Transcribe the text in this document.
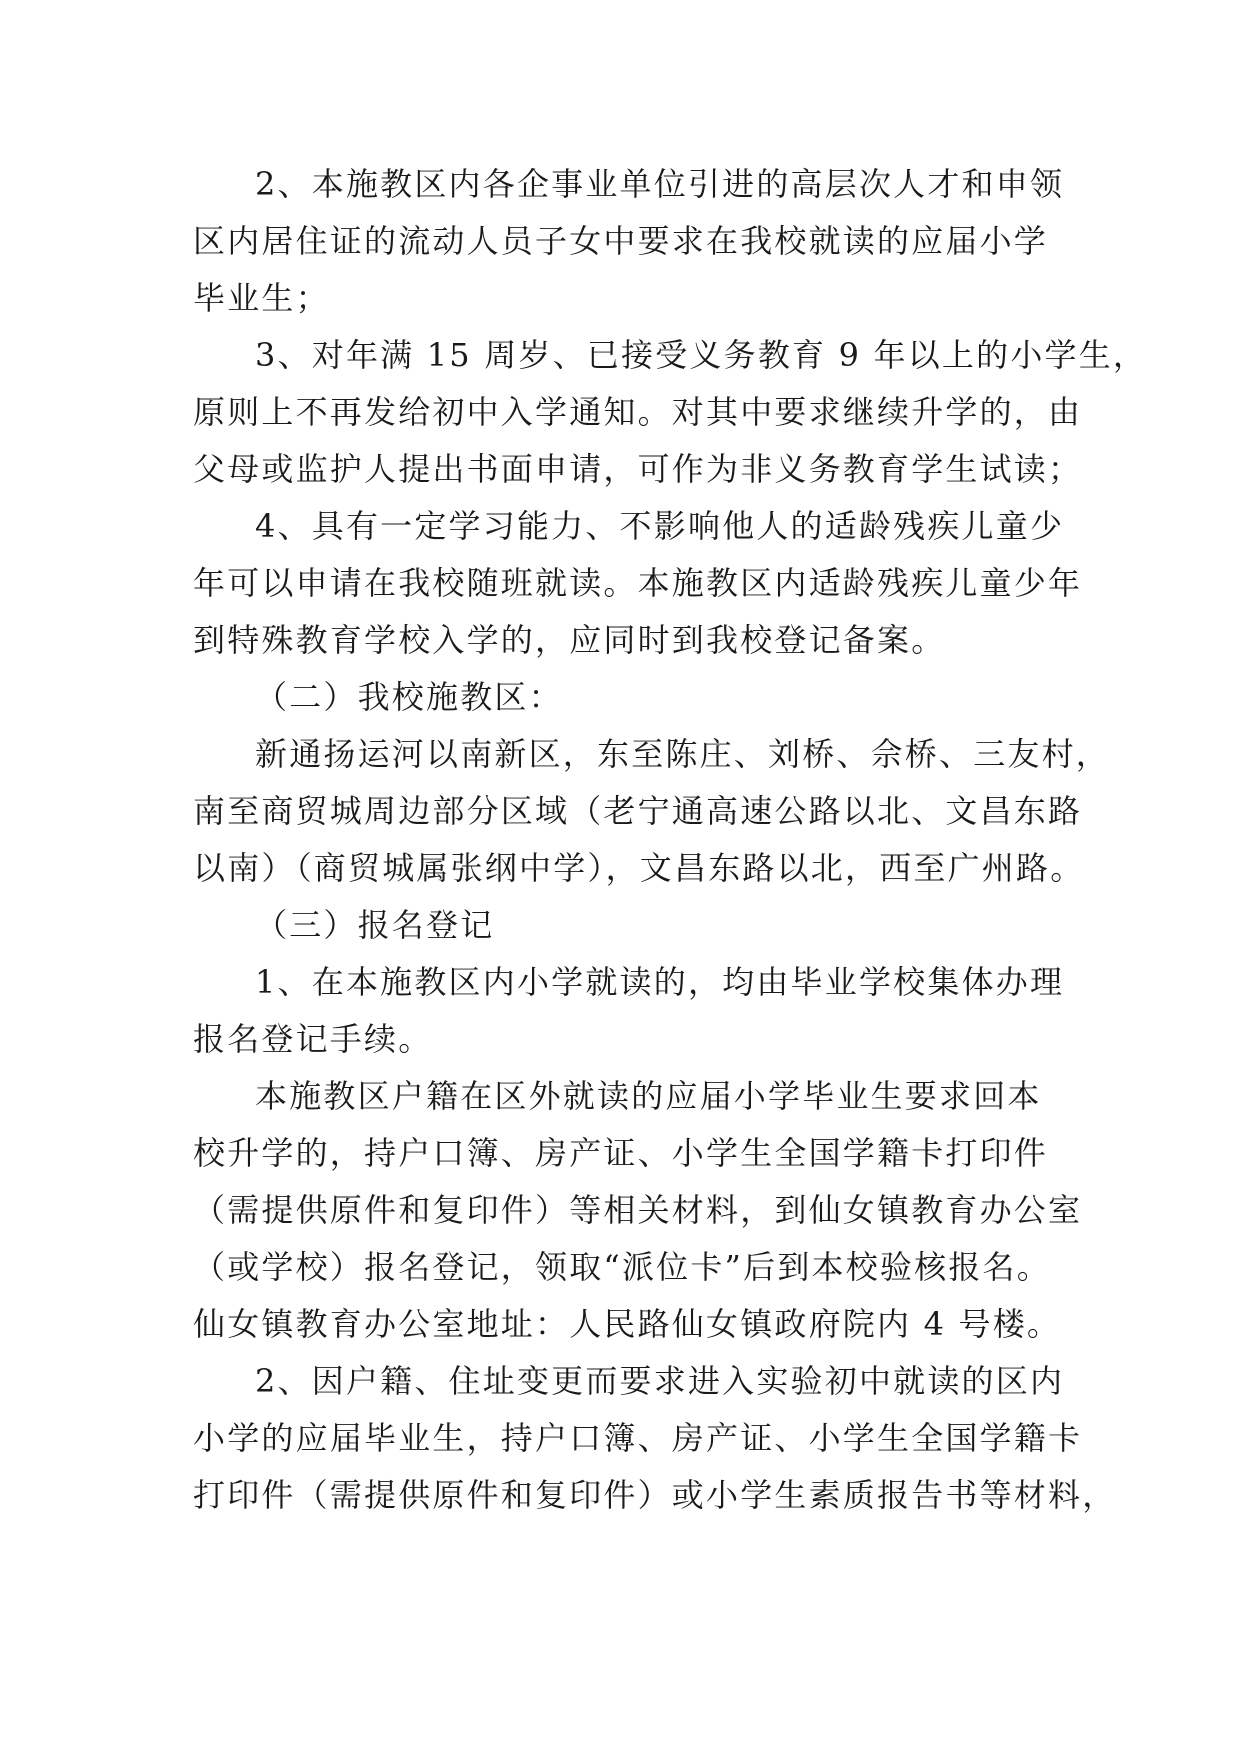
2、本施教区内各企事业单位引进的高层次人才和申领
区内居住证的流动人员子女中要求在我校就读的应届小学
毕业生；
3、对年满 15 周岁、已接受义务教育 9 年以上的小学生，
原则上不再发给初中入学通知。对其中要求继续升学的，由
父母或监护人提出书面申请，可作为非义务教育学生试读；
4、具有一定学习能力、不影响他人的适龄残疾儿童少
年可以申请在我校随班就读。本施教区内适龄残疾儿童少年
到特殊教育学校入学的，应同时到我校登记备案。
（二）我校施教区：
新通扬运河以南新区，东至陈庄、刘桥、佘桥、三友村，
南至商贸城周边部分区域（老宁通高速公路以北、文昌东路
以南）（商贸城属张纲中学），文昌东路以北，西至广州路。
（三）报名登记
1、在本施教区内小学就读的，均由毕业学校集体办理
报名登记手续。
本施教区户籍在区外就读的应届小学毕业生要求回本
校升学的，持户口簿、房产证、小学生全国学籍卡打印件
（需提供原件和复印件）等相关材料，到仙女镇教育办公室
（或学校）报名登记，领取“派位卡”后到本校验核报名。
仙女镇教育办公室地址：人民路仙女镇政府院内 4 号楼。
2、因户籍、住址变更而要求进入实验初中就读的区内
小学的应届毕业生，持户口簿、房产证、小学生全国学籍卡
打印件（需提供原件和复印件）或小学生素质报告书等材料，
